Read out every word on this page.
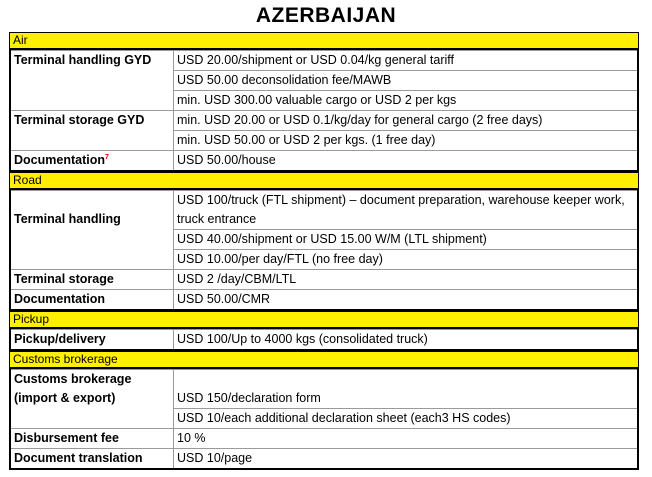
AZERBAIJAN
Air
Terminal handling GYD	USD 20.00/shipment or USD 0.04/kg general tariff
	USD 50.00 deconsolidation fee/MAWB
	min. USD 300.00 valuable cargo or USD 2 per kgs
Terminal storage GYD	min. USD 20.00 or USD 0.1/kg/day for general cargo (2 free days)
	min. USD 50.00 or USD 2 per kgs. (1 free day)
Documentation$^7$	USD 50.00/house
Road
Terminal handling	USD 100/truck (FTL shipment) – document preparation, warehouse keeper work, truck entrance
	USD 40.00/shipment or USD 15.00 W/M (LTL shipment)
	USD 10.00/per day/FTL (no free day)
Terminal storage	USD 2 /day/CBM/LTL
Documentation	USD 50.00/CMR
Pickup
Pickup/delivery	USD 100/Up to 4000 kgs (consolidated truck)
Customs brokerage
Customs brokerage (import & export)	USD 150/declaration form
	USD 10/each additional declaration sheet (each3 HS codes)
Disbursement fee	10 %
Document translation	USD 10/page
